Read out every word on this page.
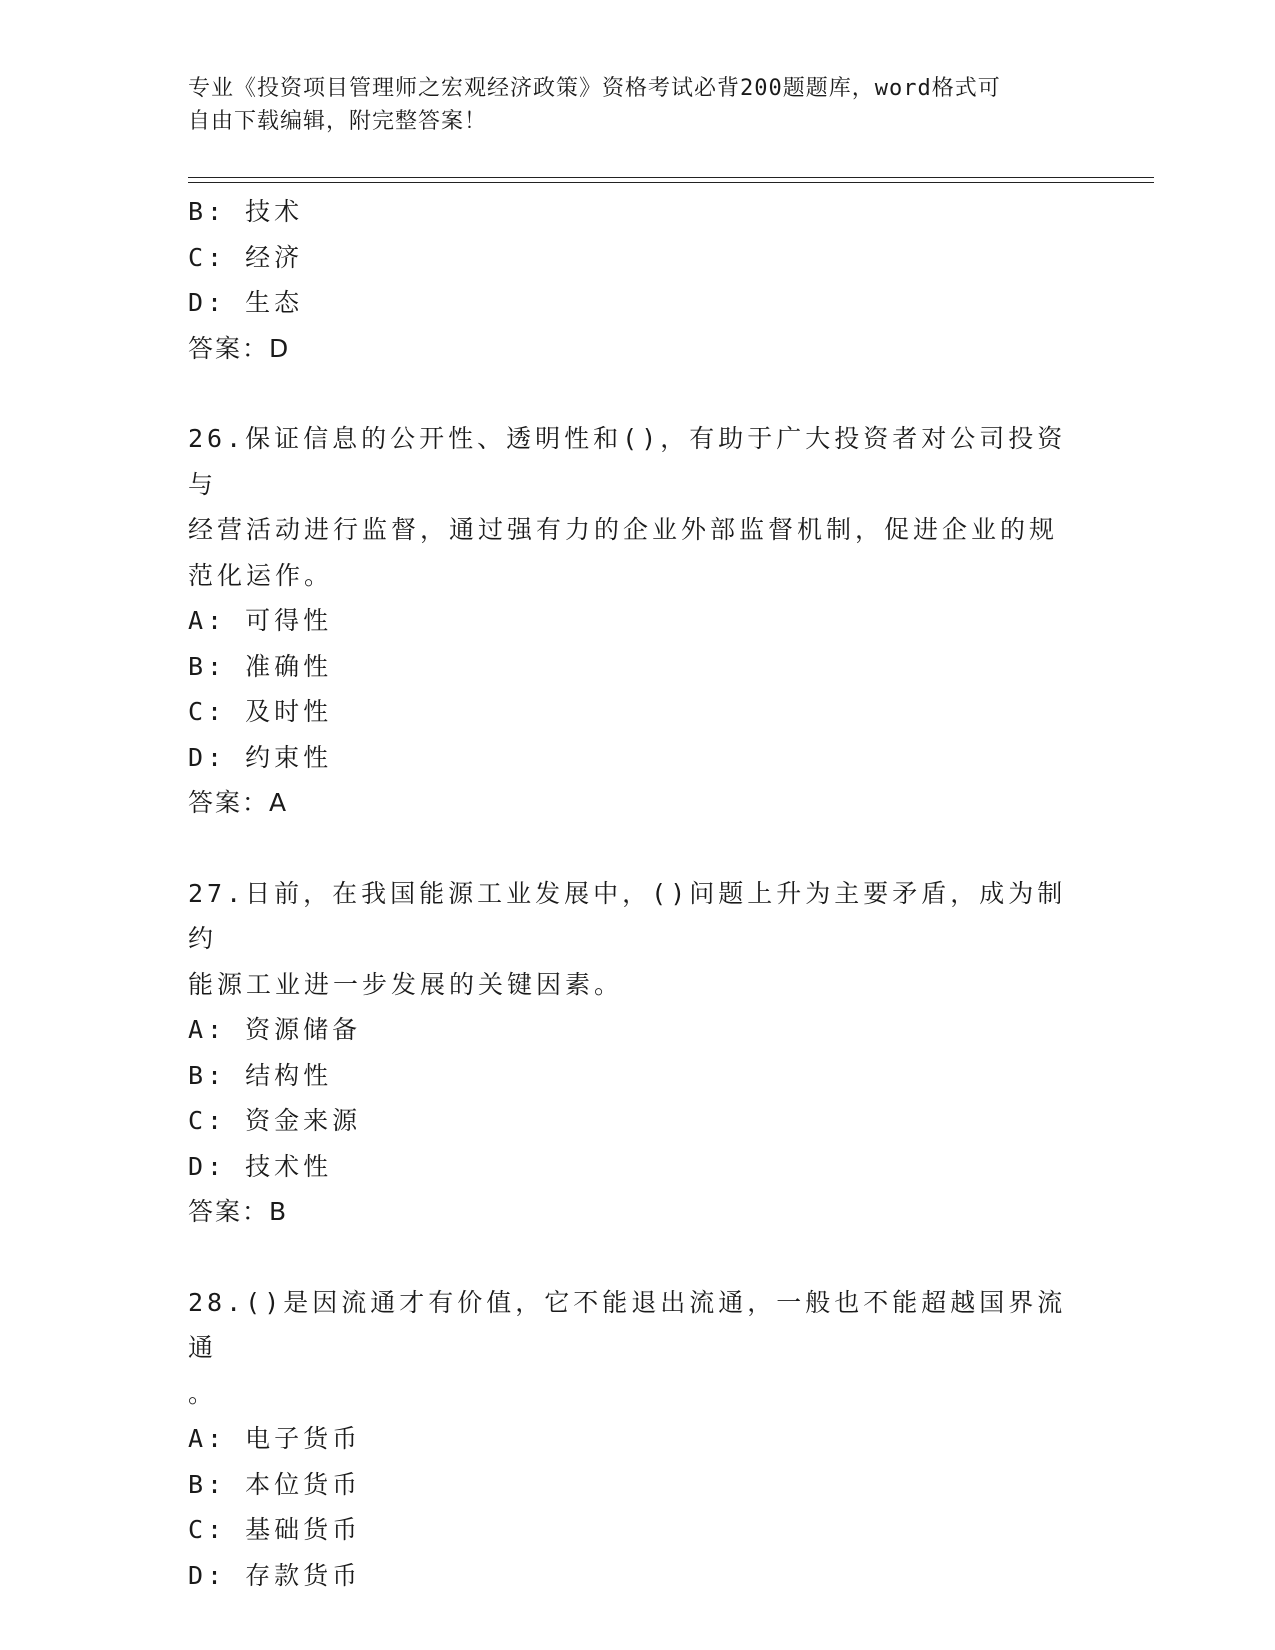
专业《投资项目管理师之宏观经济政策》资格考试必背200题题库，word格式可
自由下载编辑，附完整答案！
B: 技术
C: 经济
D: 生态
答案：D
26.保证信息的公开性、透明性和()，有助于广大投资者对公司投资与
经营活动进行监督，通过强有力的企业外部监督机制，促进企业的规
范化运作。
A: 可得性
B: 准确性
C: 及时性
D: 约束性
答案：A
27.日前，在我国能源工业发展中，()问题上升为主要矛盾，成为制约
能源工业进一步发展的关键因素。
A: 资源储备
B: 结构性
C: 资金来源
D: 技术性
答案：B
28.()是因流通才有价值，它不能退出流通，一般也不能超越国界流通
。
A: 电子货币
B: 本位货币
C: 基础货币
D: 存款货币
